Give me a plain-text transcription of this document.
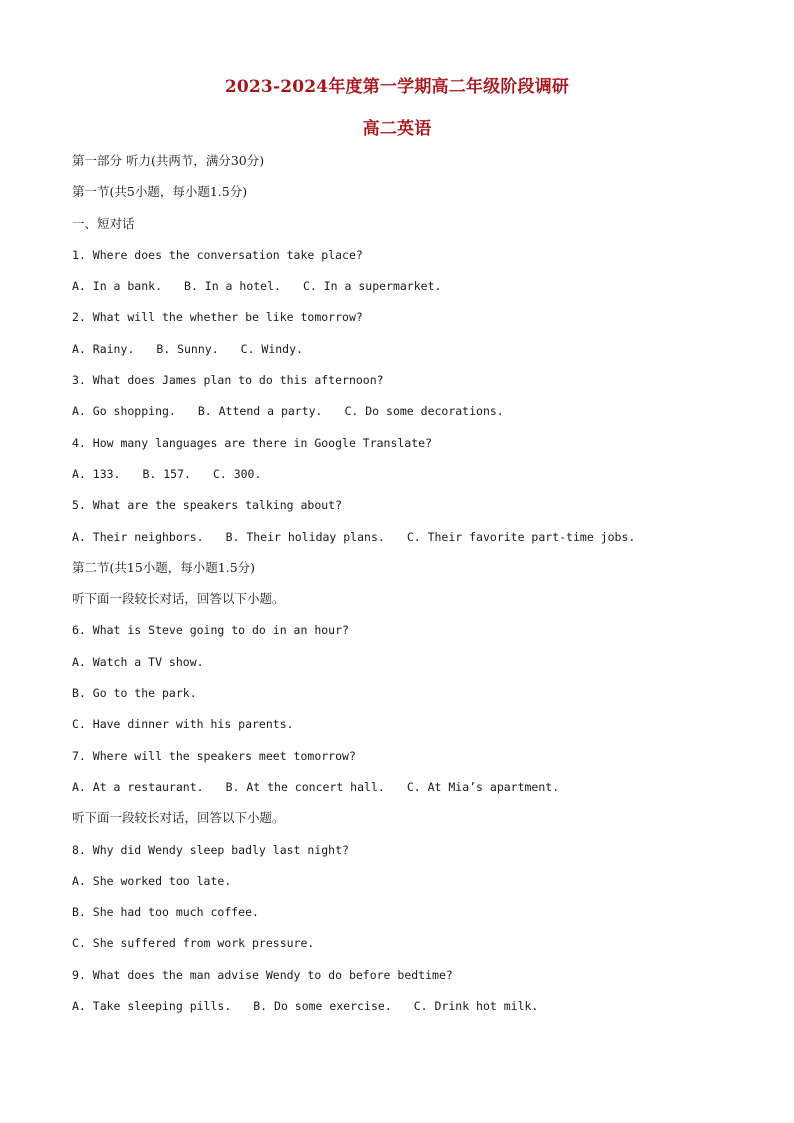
2023-2024年度第一学期高二年级阶段调研
高二英语
第一部分 听力(共两节，满分30分)
第一节(共5小题，每小题1.5分)
一、短对话
1. Where does the conversation take place?
A. In a bank. B. In a hotel. C. In a supermarket.
2. What will the whether be like tomorrow?
A. Rainy. B. Sunny. C. Windy.
3. What does James plan to do this afternoon?
A. Go shopping. B. Attend a party. C. Do some decorations.
4. How many languages are there in Google Translate?
A. 133. B. 157. C. 300.
5. What are the speakers talking about?
A. Their neighbors. B. Their holiday plans. C. Their favorite part-time jobs.
第二节(共15小题，每小题1.5分)
听下面一段较长对话，回答以下小题。
6. What is Steve going to do in an hour?
A. Watch a TV show.
B. Go to the park.
C. Have dinner with his parents.
7. Where will the speakers meet tomorrow?
A. At a restaurant. B. At the concert hall. C. At Mia’s apartment.
听下面一段较长对话，回答以下小题。
8. Why did Wendy sleep badly last night?
A. She worked too late.
B. She had too much coffee.
C. She suffered from work pressure.
9. What does the man advise Wendy to do before bedtime?
A. Take sleeping pills. B. Do some exercise. C. Drink hot milk.
